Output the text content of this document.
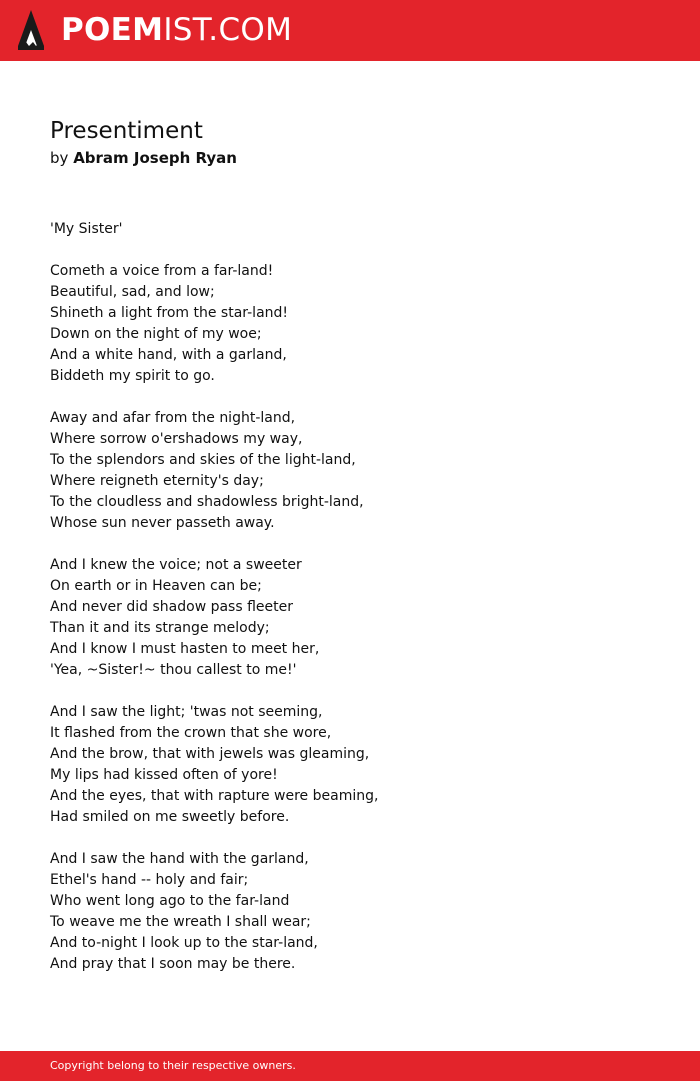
POEMIST.COM
Presentiment
by Abram Joseph Ryan
'My Sister'
Cometh a voice from a far-land!
Beautiful, sad, and low;
Shineth a light from the star-land!
Down on the night of my woe;
And a white hand, with a garland,
Biddeth my spirit to go.
Away and afar from the night-land,
Where sorrow o'ershadows my way,
To the splendors and skies of the light-land,
Where reigneth eternity's day;
To the cloudless and shadowless bright-land,
Whose sun never passeth away.
And I knew the voice; not a sweeter
On earth or in Heaven can be;
And never did shadow pass fleeter
Than it and its strange melody;
And I know I must hasten to meet her,
'Yea, ~Sister!~ thou callest to me!'
And I saw the light; 'twas not seeming,
It flashed from the crown that she wore,
And the brow, that with jewels was gleaming,
My lips had kissed often of yore!
And the eyes, that with rapture were beaming,
Had smiled on me sweetly before.
And I saw the hand with the garland,
Ethel's hand -- holy and fair;
Who went long ago to the far-land
To weave me the wreath I shall wear;
And to-night I look up to the star-land,
And pray that I soon may be there.
Copyright belong to their respective owners.
